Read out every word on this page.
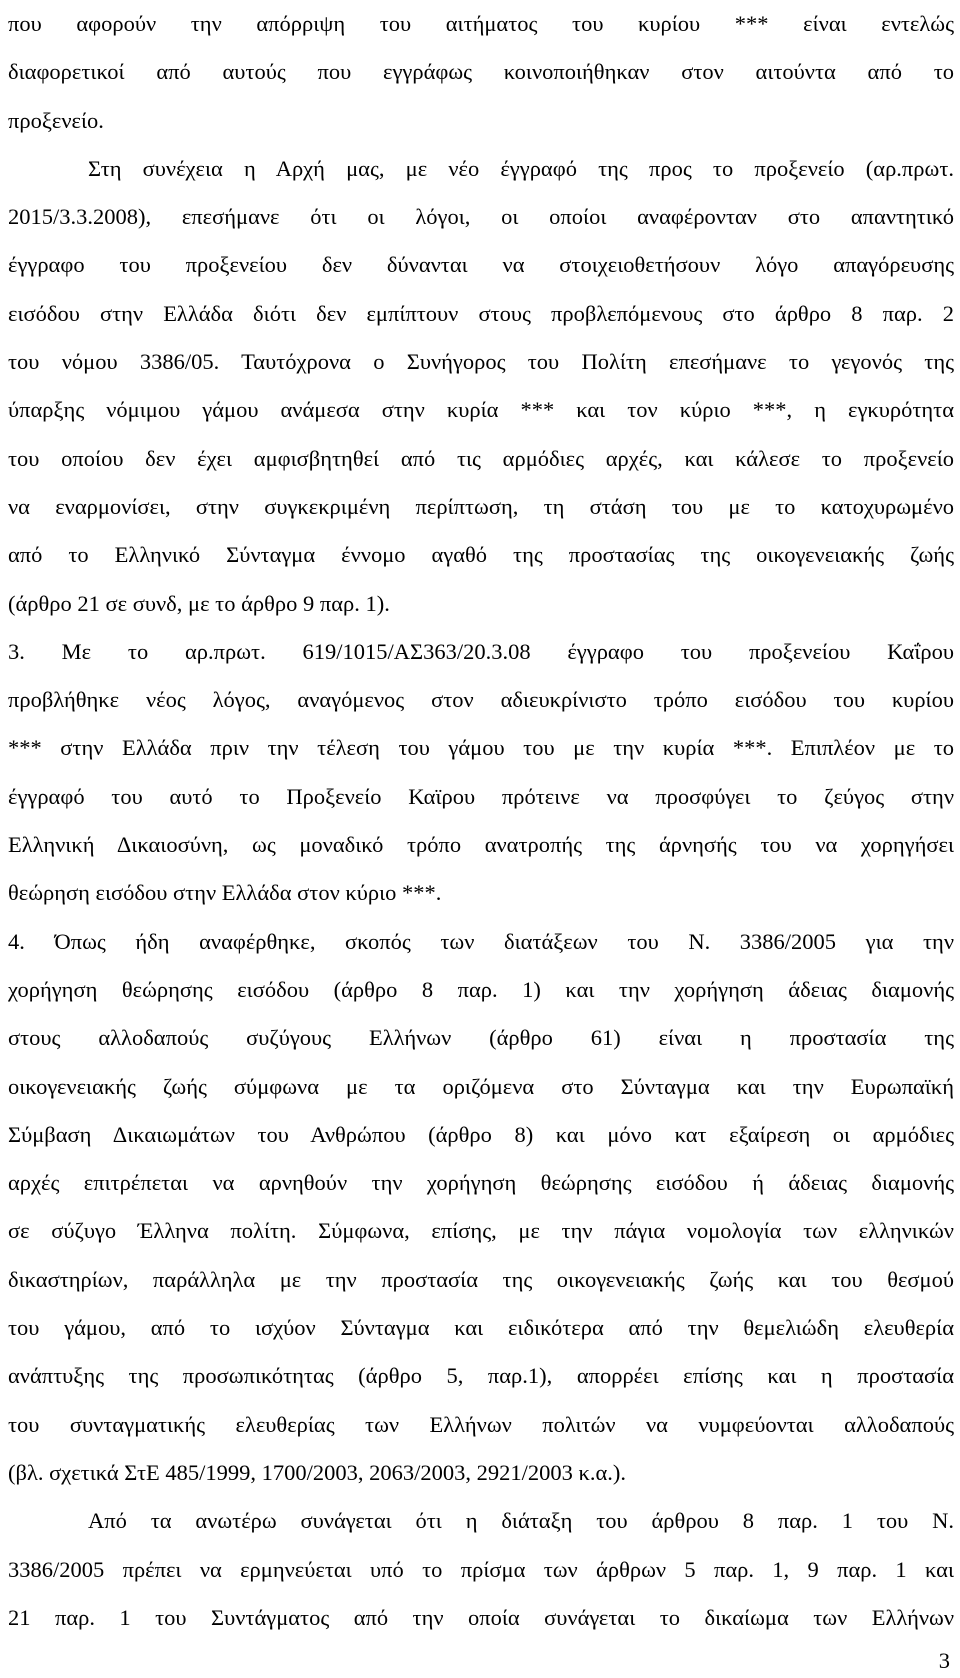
που αφορούν την απόρριψη του αιτήματος του κυρίου *** είναι εντελώς
διαφορετικοί από αυτούς που εγγράφως κοινοποιήθηκαν στον αιτούντα από το
προξενείο.
Στη συνέχεια η Αρχή μας, με νέο έγγραφό της προς το προξενείο (αρ.πρωτ.
2015/3.3.2008), επεσήμανε ότι οι λόγοι, οι οποίοι αναφέρονταν στο απαντητικό
έγγραφο του προξενείου δεν δύνανται να στοιχειοθετήσουν λόγο απαγόρευσης
εισόδου στην Ελλάδα διότι δεν εμπίπτουν στους προβλεπόμενους στο άρθρο 8 παρ. 2
του νόμου 3386/05. Ταυτόχρονα ο Συνήγορος του Πολίτη επεσήμανε το γεγονός της
ύπαρξης νόμιμου γάμου ανάμεσα στην κυρία *** και τον κύριο ***, η εγκυρότητα
του οποίου δεν έχει αμφισβητηθεί από τις αρμόδιες αρχές, και κάλεσε το προξενείο
να εναρμονίσει, στην συγκεκριμένη περίπτωση, τη στάση του με το κατοχυρωμένο
από το Ελληνικό Σύνταγμα έννομο αγαθό της προστασίας της οικογενειακής ζωής
(άρθρο 21 σε συνδ, με το άρθρο 9 παρ. 1).
3. Με το αρ.πρωτ. 619/1015/ΑΣ363/20.3.08 έγγραφο του προξενείου Καΐρου
προβλήθηκε νέος λόγος, αναγόμενος στον αδιευκρίνιστο τρόπο εισόδου του κυρίου
*** στην Ελλάδα πριν την τέλεση του γάμου του με την κυρία ***. Επιπλέον με το
έγγραφό του αυτό το Προξενείο Καϊρου πρότεινε να προσφύγει το ζεύγος στην
Ελληνική Δικαιοσύνη, ως μοναδικό τρόπο ανατροπής της άρνησής του να χορηγήσει
θεώρηση εισόδου στην Ελλάδα στον κύριο ***.
4. Όπως ήδη αναφέρθηκε, σκοπός των διατάξεων του Ν. 3386/2005 για την
χορήγηση θεώρησης εισόδου (άρθρο 8 παρ. 1) και την χορήγηση άδειας διαμονής
στους αλλοδαπούς συζύγους Ελλήνων (άρθρο 61) είναι η προστασία της
οικογενειακής ζωής σύμφωνα με τα οριζόμενα στο Σύνταγμα και την Ευρωπαϊκή
Σύμβαση Δικαιωμάτων του Ανθρώπου (άρθρο 8) και μόνο κατ εξαίρεση οι αρμόδιες
αρχές επιτρέπεται να αρνηθούν την χορήγηση θεώρησης εισόδου ή άδειας διαμονής
σε σύζυγο Έλληνα πολίτη. Σύμφωνα, επίσης, με την πάγια νομολογία των ελληνικών
δικαστηρίων, παράλληλα με την προστασία της οικογενειακής ζωής και του θεσμού
του γάμου, από το ισχύον Σύνταγμα και ειδικότερα από την θεμελιώδη ελευθερία
ανάπτυξης της προσωπικότητας (άρθρο 5, παρ.1), απορρέει επίσης και η προστασία
του συνταγματικής ελευθερίας των Ελλήνων πολιτών να νυμφεύονται αλλοδαπούς
(βλ. σχετικά ΣτΕ 485/1999, 1700/2003, 2063/2003, 2921/2003 κ.α.).
Από τα ανωτέρω συνάγεται ότι η διάταξη του άρθρου 8 παρ. 1 του Ν.
3386/2005 πρέπει να ερμηνεύεται υπό το πρίσμα των άρθρων 5 παρ. 1, 9 παρ. 1 και
21 παρ. 1 του Συντάγματος από την οποία συνάγεται το δικαίωμα των Ελλήνων
3
